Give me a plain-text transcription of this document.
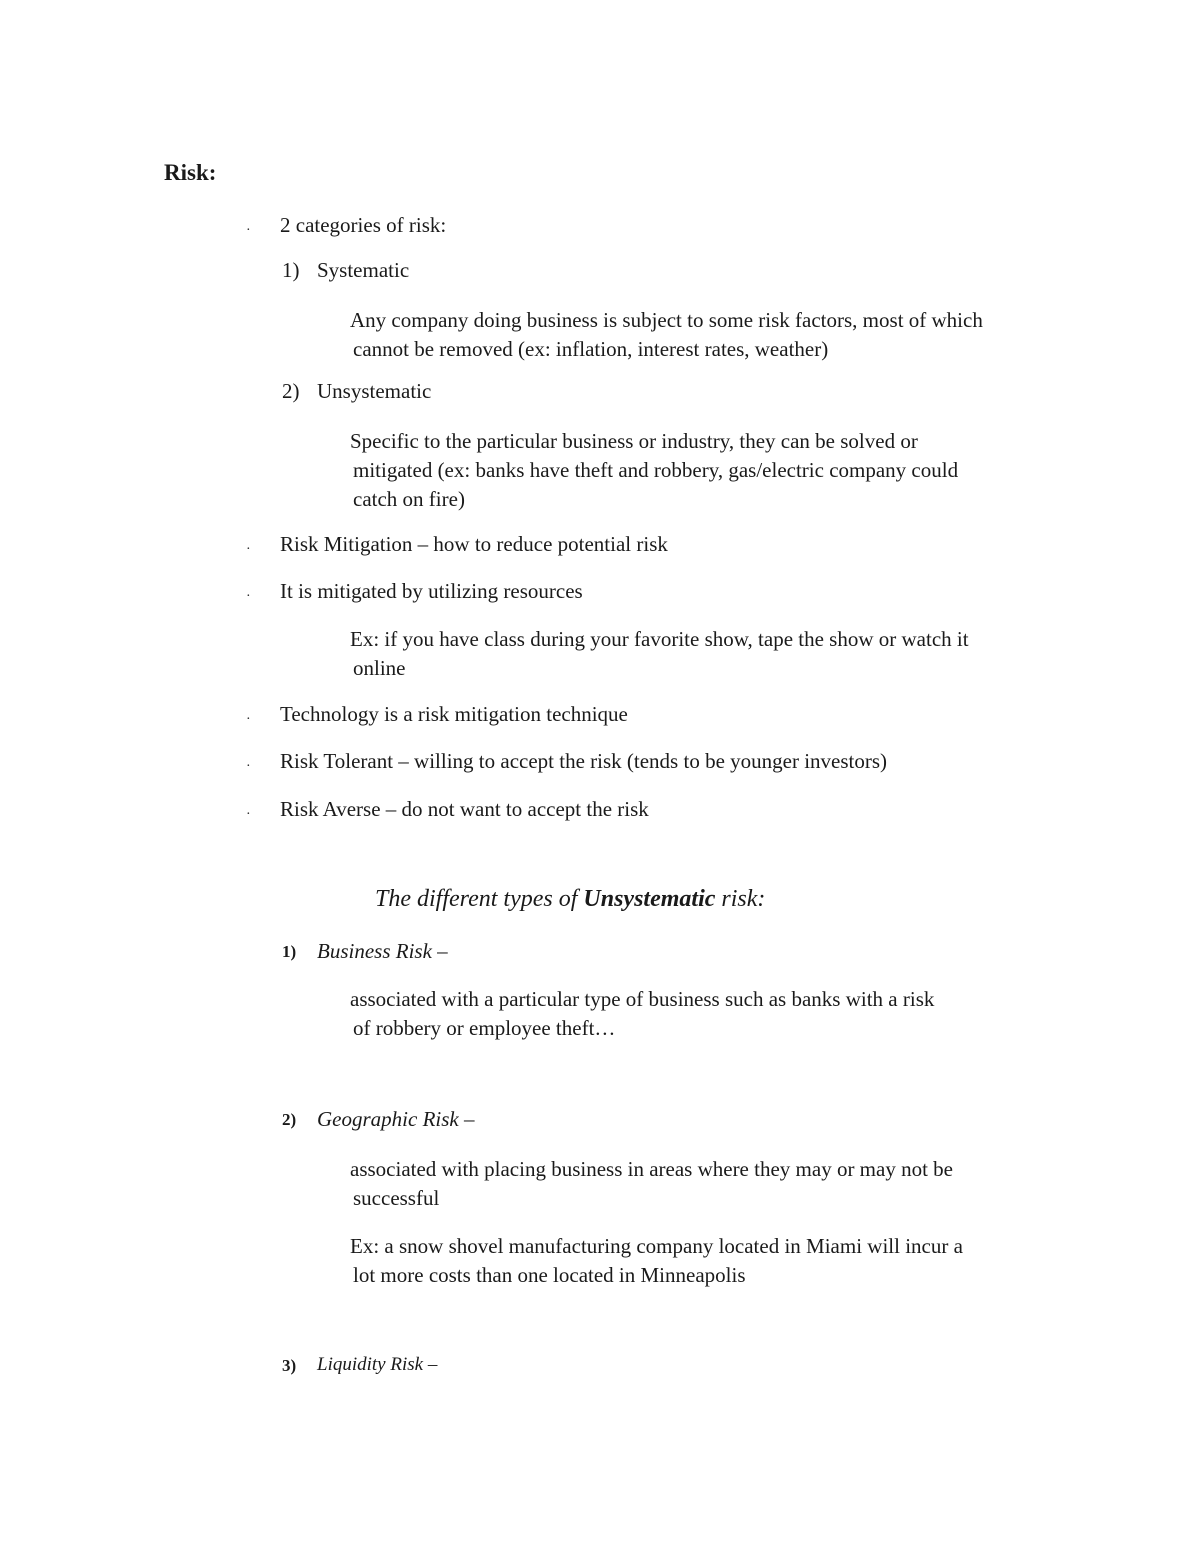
Risk:
· 2 categories of risk:
1) Systematic
Any company doing business is subject to some risk factors, most of which
cannot be removed (ex: inflation, interest rates, weather)
2) Unsystematic
Specific to the particular business or industry, they can be solved or
mitigated (ex: banks have theft and robbery, gas/electric company could
catch on fire)
· Risk Mitigation – how to reduce potential risk
· It is mitigated by utilizing resources
Ex: if you have class during your favorite show, tape the show or watch it
online
· Technology is a risk mitigation technique
· Risk Tolerant – willing to accept the risk (tends to be younger investors)
· Risk Averse – do not want to accept the risk
The different types of Unsystematic risk:
1) Business Risk –
associated with a particular type of business such as banks with a risk
of robbery or employee theft…
2) Geographic Risk –
associated with placing business in areas where they may or may not be
successful
Ex: a snow shovel manufacturing company located in Miami will incur a
lot more costs than one located in Minneapolis
3) Liquidity Risk –
